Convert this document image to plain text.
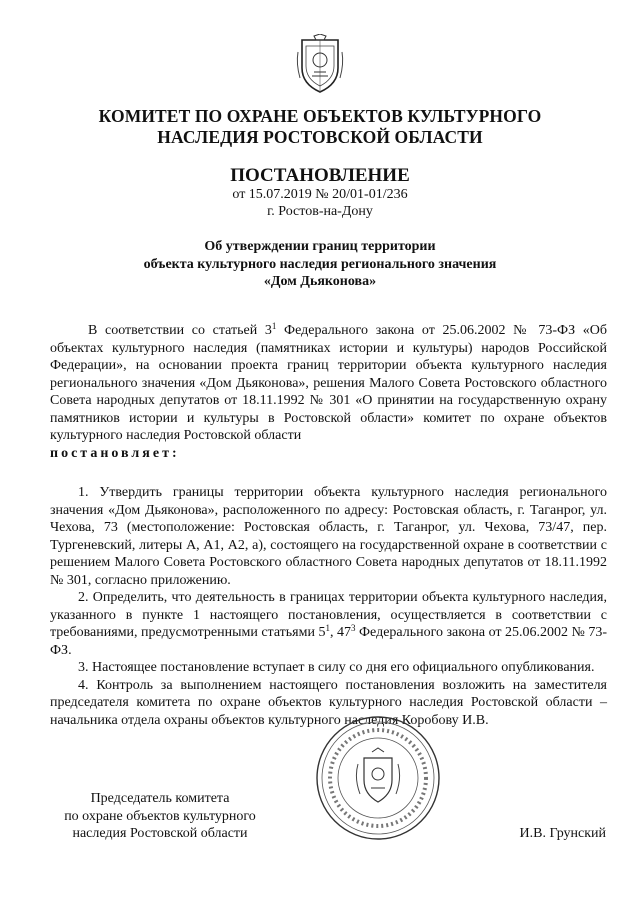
КОМИТЕТ ПО ОХРАНЕ ОБЪЕКТОВ КУЛЬТУРНОГО
НАСЛЕДИЯ РОСТОВСКОЙ ОБЛАСТИ
ПОСТАНОВЛЕНИЕ
от 15.07.2019 № 20/01-01/236
г. Ростов-на-Дону
Об утверждении границ территории
объекта культурного наследия регионального значения
«Дом Дьяконова»

В соответствии со статьей $3^1$ Федерального закона от 25.06.2002 № 73-ФЗ «Об объектах культурного наследия (памятниках истории и культуры) народов Российской Федерации», на основании проекта границ территории объекта культурного наследия регионального значения «Дом Дьяконова», решения Малого Совета Ростовского областного Совета народных депутатов от 18.11.1992 № 301 «О принятии на государственную охрану памятников истории и культуры в Ростовской области» комитет по охране объектов культурного наследия Ростовской области

постановляет:

1. Утвердить границы территории объекта культурного наследия регионального значения «Дом Дьяконова», расположенного по адресу: Ростовская область, г. Таганрог, ул. Чехова, 73 (местоположение: Ростовская область, г. Таганрог, ул. Чехова, 73/47, пер. Тургеневский, литеры А, А1, А2, а), состоящего на государственной охране в соответствии с решением Малого Совета Ростовского областного Совета народных депутатов от 18.11.1992 № 301, согласно приложению.

2. Определить, что деятельность в границах территории объекта культурного наследия, указанного в пункте 1 настоящего постановления, осуществляется в соответствии с требованиями, предусмотренными статьями $5^1$, $47^3$ Федерального закона от 25.06.2002 № 73-ФЗ.

3. Настоящее постановление вступает в силу со дня его официального опубликования.

4. Контроль за выполнением настоящего постановления возложить на заместителя председателя комитета по охране объектов культурного наследия Ростовской области – начальника отдела охраны объектов культурного наследия Коробову И.В.

Председатель комитета
по охране объектов культурного
наследия Ростовской области	И.В. Грунский
